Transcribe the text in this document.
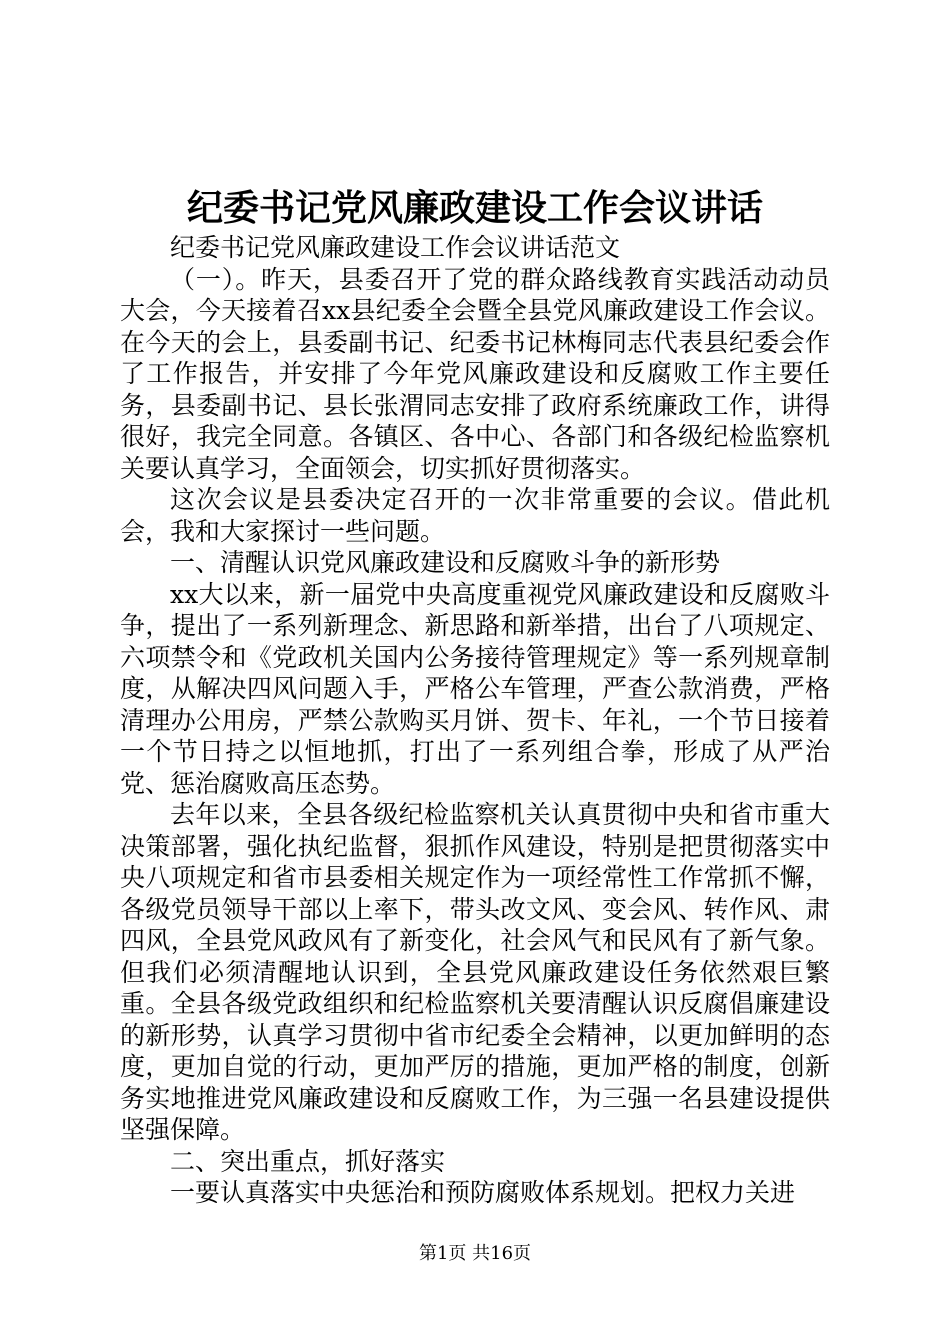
纪委书记党风廉政建设工作会议讲话

纪委书记党风廉政建设工作会议讲话范文

（一）。昨天，县委召开了党的群众路线教育实践活动动员大会，今天接着召xx县纪委全会暨全县党风廉政建设工作会议。在今天的会上，县委副书记、纪委书记林梅同志代表县纪委会作了工作报告，并安排了今年党风廉政建设和反腐败工作主要任务，县委副书记、县长张渭同志安排了政府系统廉政工作，讲得很好，我完全同意。各镇区、各中心、各部门和各级纪检监察机关要认真学习，全面领会，切实抓好贯彻落实。

这次会议是县委决定召开的一次非常重要的会议。借此机会，我和大家探讨一些问题。

一、清醒认识党风廉政建设和反腐败斗争的新形势

xx大以来，新一届党中央高度重视党风廉政建设和反腐败斗争，提出了一系列新理念、新思路和新举措，出台了八项规定、六项禁令和《党政机关国内公务接待管理规定》等一系列规章制度，从解决四风问题入手，严格公车管理，严查公款消费，严格清理办公用房，严禁公款购买月饼、贺卡、年礼，一个节日接着一个节日持之以恒地抓，打出了一系列组合拳，形成了从严治党、惩治腐败高压态势。

去年以来，全县各级纪检监察机关认真贯彻中央和省市重大决策部署，强化执纪监督，狠抓作风建设，特别是把贯彻落实中央八项规定和省市县委相关规定作为一项经常性工作常抓不懈，各级党员领导干部以上率下，带头改文风、变会风、转作风、肃四风，全县党风政风有了新变化，社会风气和民风有了新气象。但我们必须清醒地认识到，全县党风廉政建设任务依然艰巨繁重。全县各级党政组织和纪检监察机关要清醒认识反腐倡廉建设的新形势，认真学习贯彻中省市纪委全会精神，以更加鲜明的态度，更加自觉的行动，更加严厉的措施，更加严格的制度，创新务实地推进党风廉政建设和反腐败工作，为三强一名县建设提供坚强保障。

二、突出重点，抓好落实

一要认真落实中央惩治和预防腐败体系规划。把权力关进

第1页 共16页
